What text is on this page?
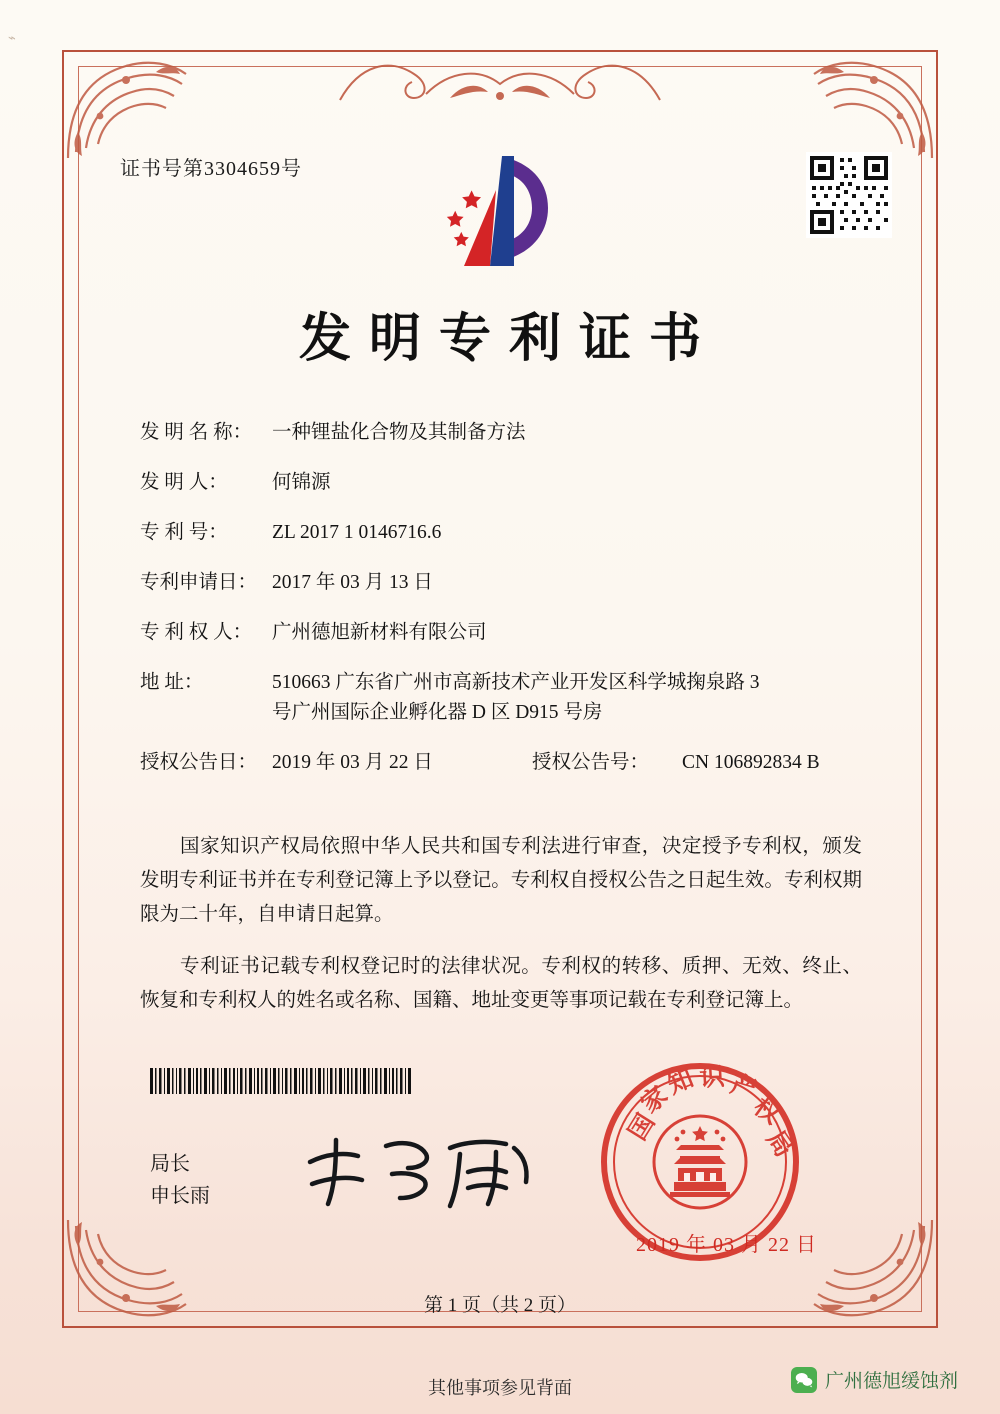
⌁
证书号第3304659号
发明专利证书
发 明 名 称：	一种锂盐化合物及其制备方法
发 明 人：	何锦源
专 利 号：	ZL 2017 1 0146716.6
专利申请日： 2017 年 03 月 13 日
专 利 权 人：	广州德旭新材料有限公司
地 址：	510663 广东省广州市高新技术产业开发区科学城掬泉路 3
号广州国际企业孵化器 D 区 D915 号房
授权公告日： 2019 年 03 月 22 日	授权公告号：	CN 106892834 B

国家知识产权局依照中华人民共和国专利法进行审查，决定授予专利权，颁发发明专利证书并在专利登记簿上予以登记。专利权自授权公告之日起生效。专利权期限为二十年，自申请日起算。

专利证书记载专利权登记时的法律状况。专利权的转移、质押、无效、终止、恢复和专利权人的姓名或名称、国籍、地址变更等事项记载在专利登记簿上。

局长
申长雨
国
家
知 识 产
权
局
2019 年 03 月 22 日
第 1 页（共 2 页）
其他事项参见背面	广州德旭缓蚀剂
